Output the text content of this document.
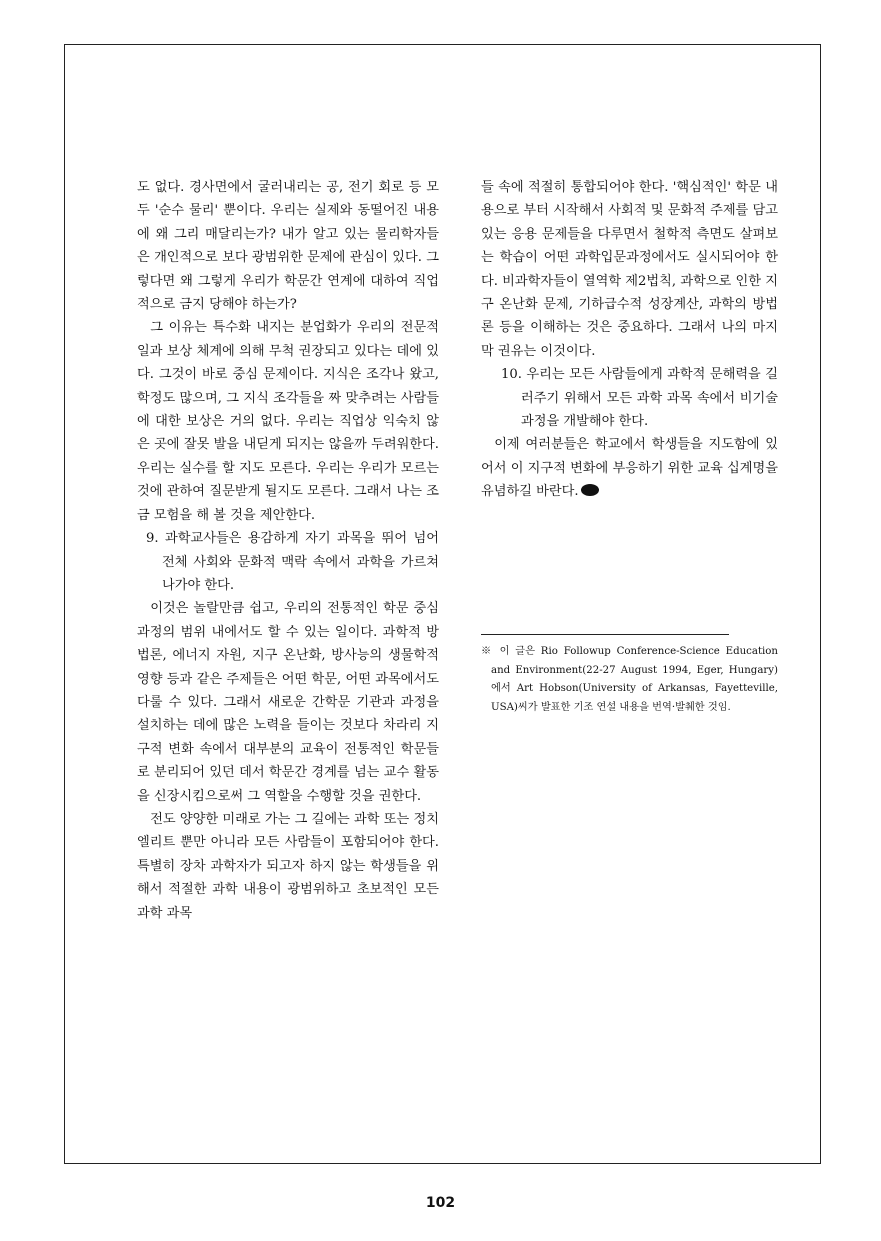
도 없다. 경사면에서 굴러내리는 공, 전기 회로 등 모두 '순수 물리' 뿐이다. 우리는 실제와 동떨어진 내용에 왜 그리 매달리는가? 내가 알고 있는 물리학자들은 개인적으로 보다 광범위한 문제에 관심이 있다. 그렇다면 왜 그렇게 우리가 학문간 연계에 대하여 직업적으로 금지 당해야 하는가?

그 이유는 특수화 내지는 분업화가 우리의 전문적 일과 보상 체계에 의해 무척 권장되고 있다는 데에 있다. 그것이 바로 중심 문제이다. 지식은 조각나 왔고, 학정도 많으며, 그 지식 조각들을 짜 맞추려는 사람들에 대한 보상은 거의 없다. 우리는 직업상 익숙치 않은 곳에 잘못 발을 내딛게 되지는 않을까 두려워한다. 우리는 실수를 할 지도 모른다. 우리는 우리가 모르는 것에 관하여 질문받게 될지도 모른다. 그래서 나는 조금 모험을 해 볼 것을 제안한다.

9. 과학교사들은 용감하게 자기 과목을 뛰어 넘어 전체 사회와 문화적 맥락 속에서 과학을 가르쳐 나가야 한다.

이것은 놀랄만큼 쉽고, 우리의 전통적인 학문 중심과정의 범위 내에서도 할 수 있는 일이다. 과학적 방법론, 에너지 자원, 지구 온난화, 방사능의 생물학적 영향 등과 같은 주제들은 어떤 학문, 어떤 과목에서도 다룰 수 있다. 그래서 새로운 간학문 기관과 과정을 설치하는 데에 많은 노력을 들이는 것보다 차라리 지구적 변화 속에서 대부분의 교육이 전통적인 학문들로 분리되어 있던 데서 학문간 경계를 넘는 교수 활동을 신장시킴으로써 그 역할을 수행할 것을 권한다.

전도 양양한 미래로 가는 그 길에는 과학 또는 정치 엘리트 뿐만 아니라 모든 사람들이 포함되어야 한다. 특별히 장차 과학자가 되고자 하지 않는 학생들을 위해서 적절한 과학 내용이 광범위하고 초보적인 모든 과학 과목

들 속에 적절히 통합되어야 한다. '핵심적인' 학문 내용으로 부터 시작해서 사회적 및 문화적 주제를 담고 있는 응용 문제들을 다루면서 철학적 측면도 살펴보는 학습이 어떤 과학입문과정에서도 실시되어야 한다. 비과학자들이 열역학 제2법칙, 과학으로 인한 지구 온난화 문제, 기하급수적 성장계산, 과학의 방법론 등을 이해하는 것은 중요하다. 그래서 나의 마지막 권유는 이것이다.

10. 우리는 모든 사람들에게 과학적 문해력을 길러주기 위해서 모든 과학 과목 속에서 비기술 과정을 개발해야 한다.

이제 여러분들은 학교에서 학생들을 지도함에 있어서 이 지구적 변화에 부응하기 위한 교육 십계명을 유념하길 바란다.

※ 이 글은 Rio Followup Conference-Science Education and Environment(22-27 August 1994, Eger, Hungary)에서 Art Hobson(University of Arkansas, Fayetteville, USA)씨가 발표한 기조 연설 내용을 번역·발췌한 것임.

102
